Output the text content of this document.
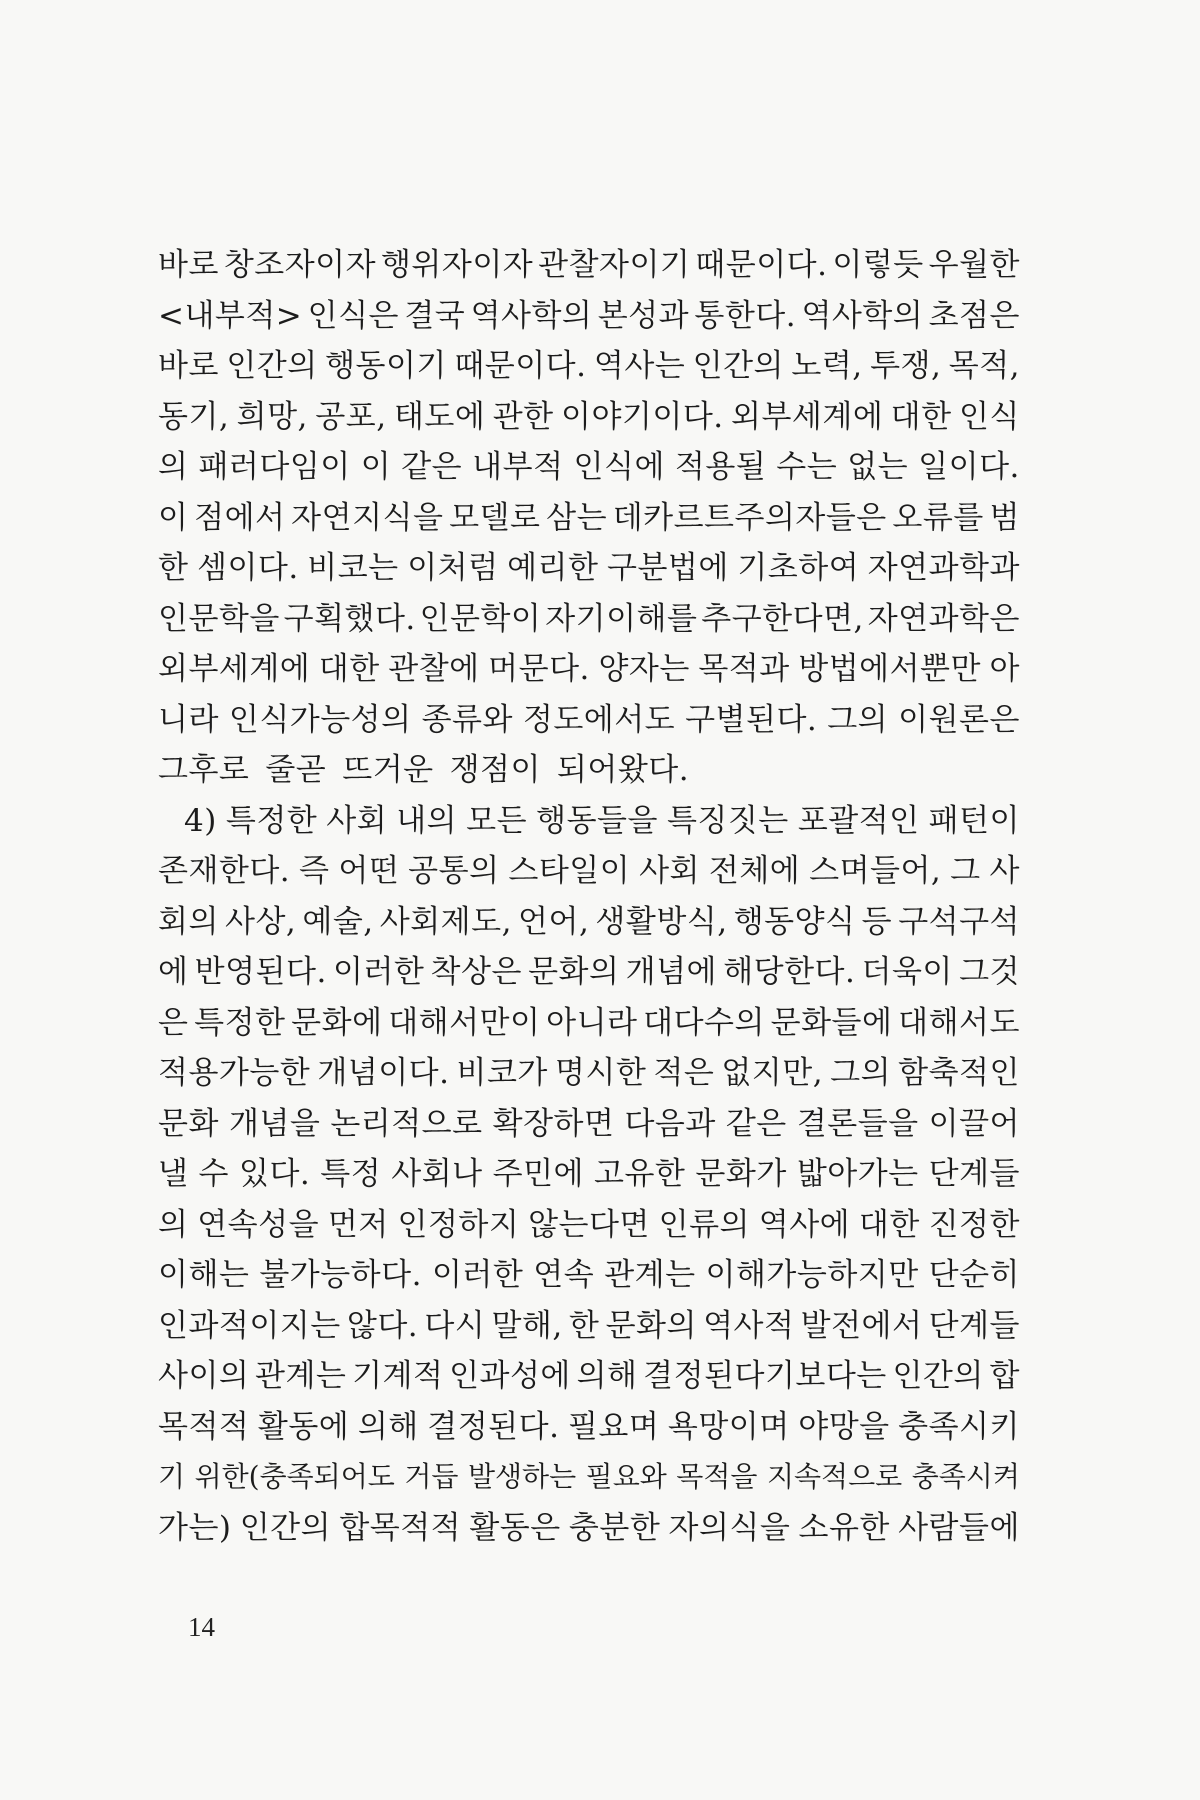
바로 창조자이자 행위자이자 관찰자이기 때문이다. 이렇듯 우월한
<내부적> 인식은 결국 역사학의 본성과 통한다. 역사학의 초점은
바로 인간의 행동이기 때문이다. 역사는 인간의 노력, 투쟁, 목적,
동기, 희망, 공포, 태도에 관한 이야기이다. 외부세계에 대한 인식
의 패러다임이 이 같은 내부적 인식에 적용될 수는 없는 일이다.
이 점에서 자연지식을 모델로 삼는 데카르트주의자들은 오류를 범
한 셈이다. 비코는 이처럼 예리한 구분법에 기초하여 자연과학과
인문학을 구획했다. 인문학이 자기이해를 추구한다면, 자연과학은
외부세계에 대한 관찰에 머문다. 양자는 목적과 방법에서뿐만 아
니라 인식가능성의 종류와 정도에서도 구별된다. 그의 이원론은
그후로 줄곧 뜨거운 쟁점이 되어왔다.
4) 특정한 사회 내의 모든 행동들을 특징짓는 포괄적인 패턴이
존재한다. 즉 어떤 공통의 스타일이 사회 전체에 스며들어, 그 사
회의 사상, 예술, 사회제도, 언어, 생활방식, 행동양식 등 구석구석
에 반영된다. 이러한 착상은 문화의 개념에 해당한다. 더욱이 그것
은 특정한 문화에 대해서만이 아니라 대다수의 문화들에 대해서도
적용가능한 개념이다. 비코가 명시한 적은 없지만, 그의 함축적인
문화 개념을 논리적으로 확장하면 다음과 같은 결론들을 이끌어
낼 수 있다. 특정 사회나 주민에 고유한 문화가 밟아가는 단계들
의 연속성을 먼저 인정하지 않는다면 인류의 역사에 대한 진정한
이해는 불가능하다. 이러한 연속 관계는 이해가능하지만 단순히
인과적이지는 않다. 다시 말해, 한 문화의 역사적 발전에서 단계들
사이의 관계는 기계적 인과성에 의해 결정된다기보다는 인간의 합
목적적 활동에 의해 결정된다. 필요며 욕망이며 야망을 충족시키
기 위한(충족되어도 거듭 발생하는 필요와 목적을 지속적으로 충족시켜
가는) 인간의 합목적적 활동은 충분한 자의식을 소유한 사람들에
14
